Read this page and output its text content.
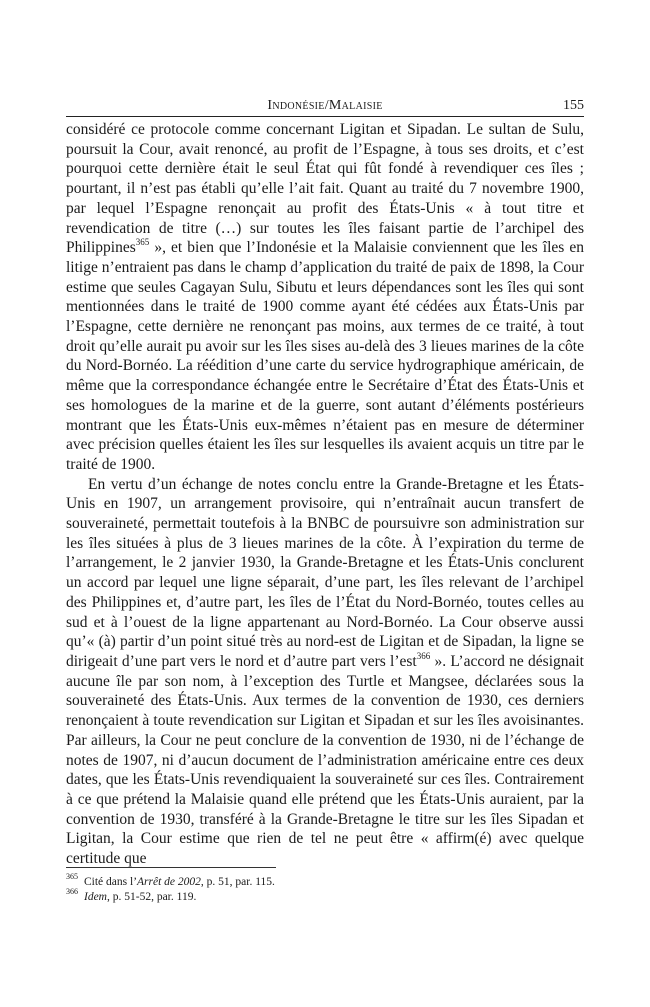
Indonésie/Malaisie	155

considéré ce protocole comme concernant Ligitan et Sipadan. Le sultan de Sulu, poursuit la Cour, avait renoncé, au profit de l’Espagne, à tous ses droits, et c’est pourquoi cette dernière était le seul État qui fût fondé à revendiquer ces îles ; pourtant, il n’est pas établi qu’elle l’ait fait. Quant au traité du 7 novembre 1900, par lequel l’Espagne renonçait au profit des États-Unis « à tout titre et revendication de titre (…) sur toutes les îles faisant partie de l’archipel des Philippines$^{365}$ », et bien que l’Indonésie et la Malaisie conviennent que les îles en litige n’entraient pas dans le champ d’application du traité de paix de 1898, la Cour estime que seules Cagayan Sulu, Sibutu et leurs dépendances sont les îles qui sont mentionnées dans le traité de 1900 comme ayant été cédées aux États-Unis par l’Espagne, cette dernière ne renonçant pas moins, aux termes de ce traité, à tout droit qu’elle aurait pu avoir sur les îles sises au-delà des 3 lieues marines de la côte du Nord-Bornéo. La réédition d’une carte du service hydrographique américain, de même que la correspondance échangée entre le Secrétaire d’État des États-Unis et ses homologues de la marine et de la guerre, sont autant d’éléments postérieurs montrant que les États-Unis eux-mêmes n’étaient pas en mesure de déterminer avec précision quelles étaient les îles sur lesquelles ils avaient acquis un titre par le traité de 1900.

En vertu d’un échange de notes conclu entre la Grande-Bretagne et les États-Unis en 1907, un arrangement provisoire, qui n’entraînait aucun transfert de souveraineté, permettait toutefois à la BNBC de poursuivre son administration sur les îles situées à plus de 3 lieues marines de la côte. À l’expiration du terme de l’arrangement, le 2 janvier 1930, la Grande-Bretagne et les États-Unis conclurent un accord par lequel une ligne séparait, d’une part, les îles relevant de l’archipel des Philippines et, d’autre part, les îles de l’État du Nord-Bornéo, toutes celles au sud et à l’ouest de la ligne appartenant au Nord-Bornéo. La Cour observe aussi qu’« (à) partir d’un point situé très au nord-est de Ligitan et de Sipadan, la ligne se dirigeait d’une part vers le nord et d’autre part vers l’est$^{366}$ ». L’accord ne désignait aucune île par son nom, à l’exception des Turtle et Mangsee, déclarées sous la souveraineté des États-Unis. Aux termes de la convention de 1930, ces derniers renonçaient à toute revendication sur Ligitan et Sipadan et sur les îles avoisinantes. Par ailleurs, la Cour ne peut conclure de la convention de 1930, ni de l’échange de notes de 1907, ni d’aucun document de l’administration américaine entre ces deux dates, que les États-Unis revendiquaient la souveraineté sur ces îles. Contrairement à ce que prétend la Malaisie quand elle prétend que les États-Unis auraient, par la convention de 1930, transféré à la Grande-Bretagne le titre sur les îles Sipadan et Ligitan, la Cour estime que rien de tel ne peut être « affirm(é) avec quelque certitude que

$^{365}$ Cité dans l’Arrêt de 2002, p. 51, par. 115.
$^{366}$ Idem, p. 51-52, par. 119.
